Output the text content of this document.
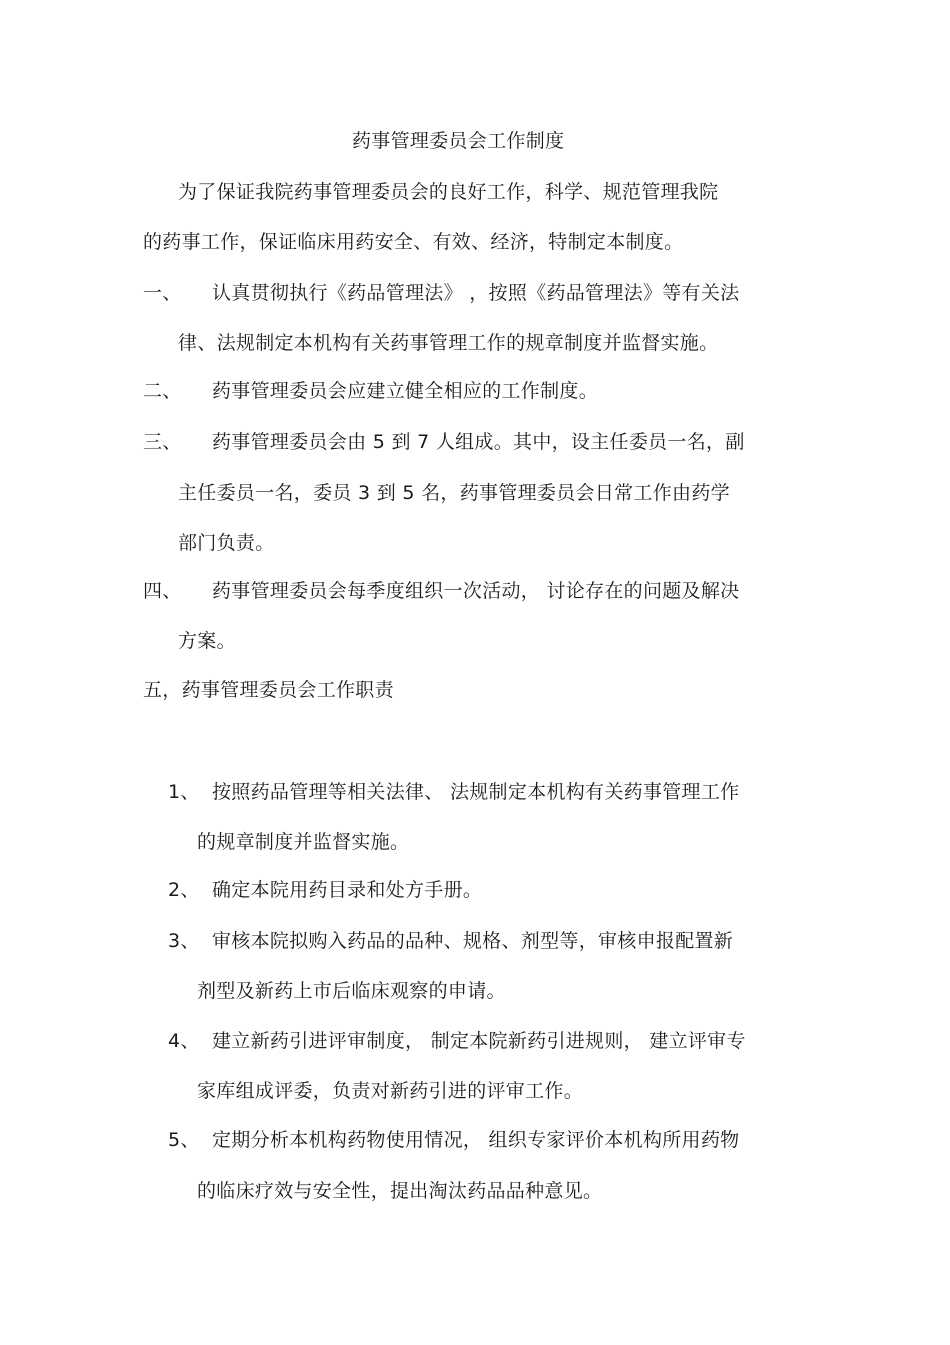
药事管理委员会工作制度
为了保证我院药事管理委员会的良好工作，科学、规范管理我院
的药事工作，保证临床用药安全、有效、经济，特制定本制度。
一、 认真贯彻执行《药品管理法》 ，按照《药品管理法》等有关法
律、法规制定本机构有关药事管理工作的规章制度并监督实施。
二、 药事管理委员会应建立健全相应的工作制度。
三、 药事管理委员会由 5 到 7 人组成。其中，设主任委员一名，副
主任委员一名，委员 3 到 5 名，药事管理委员会日常工作由药学
部门负责。
四、 药事管理委员会每季度组织一次活动， 讨论存在的问题及解决
方案。
五，药事管理委员会工作职责
1、 按照药品管理等相关法律、 法规制定本机构有关药事管理工作
的规章制度并监督实施。
2、 确定本院用药目录和处方手册。
3、 审核本院拟购入药品的品种、规格、剂型等，审核申报配置新
剂型及新药上市后临床观察的申请。
4、 建立新药引进评审制度， 制定本院新药引进规则， 建立评审专
家库组成评委，负责对新药引进的评审工作。
5、 定期分析本机构药物使用情况， 组织专家评价本机构所用药物
的临床疗效与安全性，提出淘汰药品品种意见。
